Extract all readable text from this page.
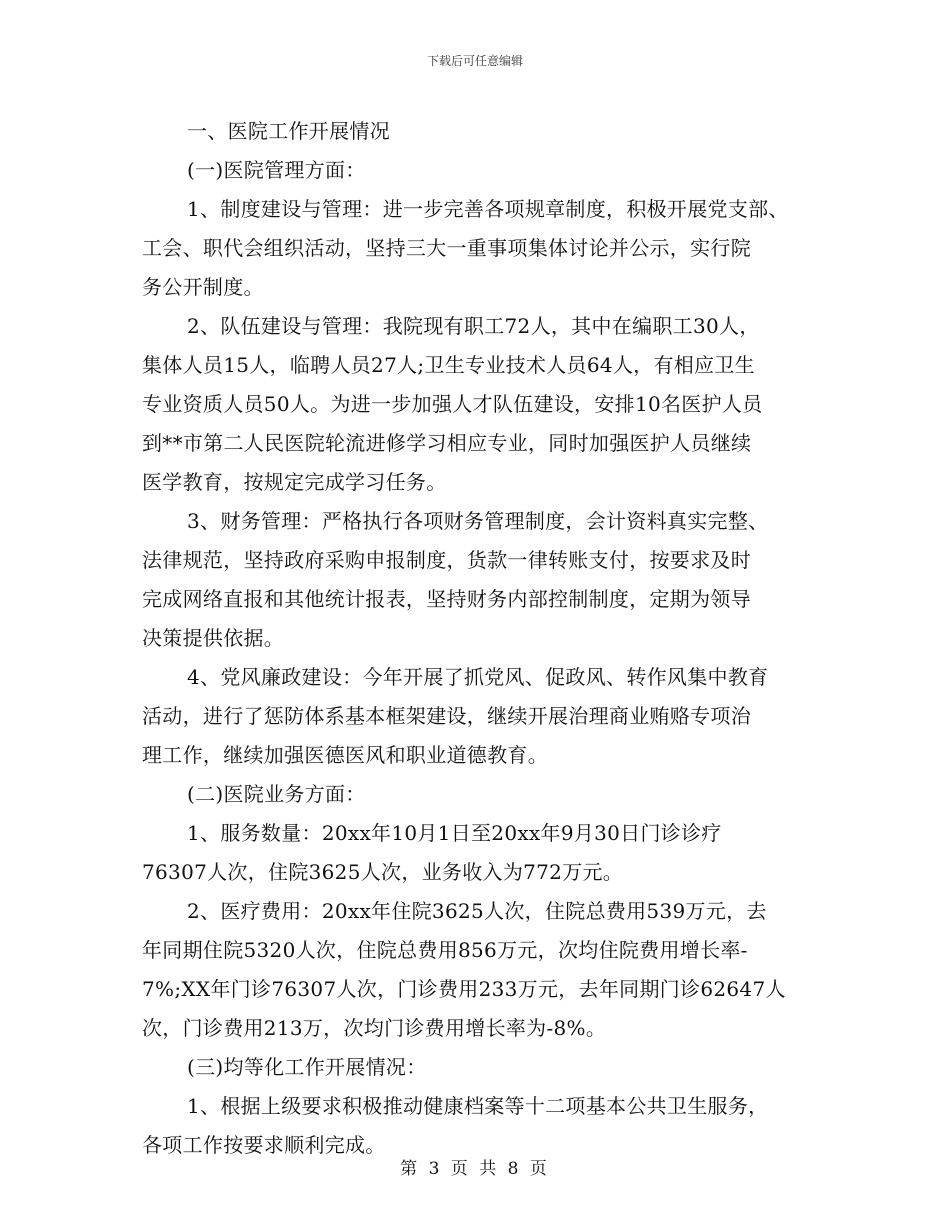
下载后可任意编辑
一、医院工作开展情况
(一)医院管理方面：
1、制度建设与管理：进一步完善各项规章制度，积极开展党支部、
工会、职代会组织活动，坚持三大一重事项集体讨论并公示，实行院
务公开制度。
2、队伍建设与管理：我院现有职工72人，其中在编职工30人，
集体人员15人，临聘人员27人;卫生专业技术人员64人，有相应卫生
专业资质人员50人。为进一步加强人才队伍建设，安排10名医护人员
到**市第二人民医院轮流进修学习相应专业，同时加强医护人员继续
医学教育，按规定完成学习任务。
3、财务管理：严格执行各项财务管理制度，会计资料真实完整、
法律规范，坚持政府采购申报制度，货款一律转账支付，按要求及时
完成网络直报和其他统计报表，坚持财务内部控制制度，定期为领导
决策提供依据。
4、党风廉政建设：今年开展了抓党风、促政风、转作风集中教育
活动，进行了惩防体系基本框架建设，继续开展治理商业贿赂专项治
理工作，继续加强医德医风和职业道德教育。
(二)医院业务方面：
1、服务数量：20xx年10月1日至20xx年9月30日门诊诊疗
76307人次，住院3625人次，业务收入为772万元。
2、医疗费用：20xx年住院3625人次，住院总费用539万元，去
年同期住院5320人次，住院总费用856万元，次均住院费用增长率-
7%;XX年门诊76307人次，门诊费用233万元，去年同期门诊62647人
次，门诊费用213万，次均门诊费用增长率为-8%。
(三)均等化工作开展情况：
1、根据上级要求积极推动健康档案等十二项基本公共卫生服务，
各项工作按要求顺利完成。
第 3 页 共 8 页
